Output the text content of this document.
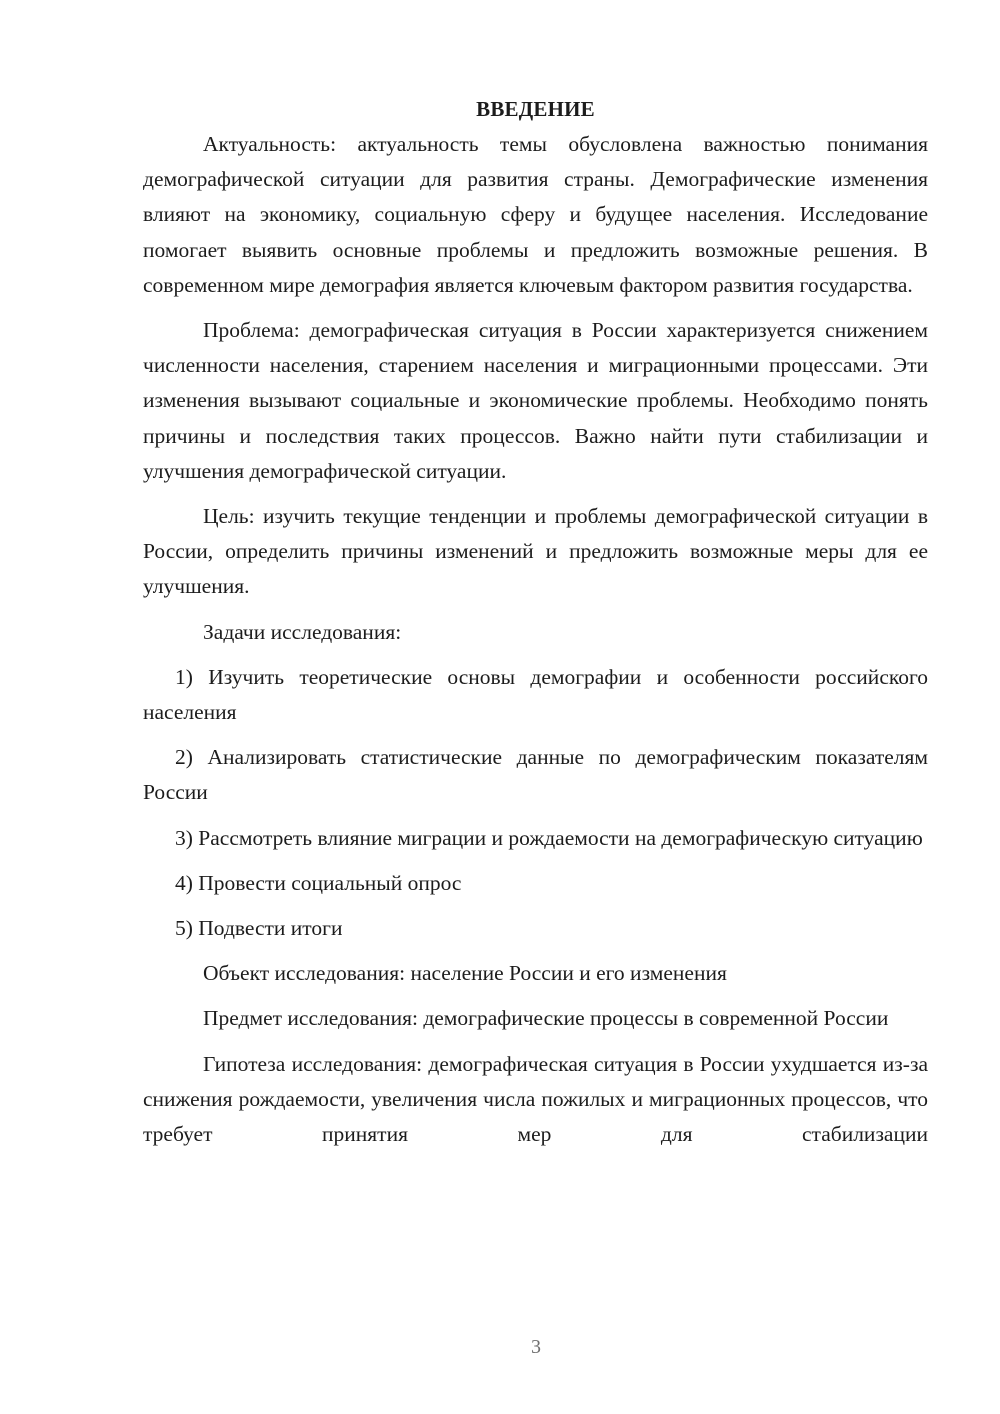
ВВЕДЕНИЕ

Актуальность: актуальность темы обусловлена важностью понимания демографической ситуации для развития страны. Демографические изменения влияют на экономику, социальную сферу и будущее населения. Исследование помогает выявить основные проблемы и предложить возможные решения. В современном мире демография является ключевым фактором развития государства.

Проблема: демографическая ситуация в России характеризуется снижением численности населения, старением населения и миграционными процессами. Эти изменения вызывают социальные и экономические проблемы. Необходимо понять причины и последствия таких процессов. Важно найти пути стабилизации и улучшения демографической ситуации.

Цель: изучить текущие тенденции и проблемы демографической ситуации в России, определить причины изменений и предложить возможные меры для ее улучшения.

Задачи исследования:

1) Изучить теоретические основы демографии и особенности российского населения

2) Анализировать статистические данные по демографическим показателям России

3) Рассмотреть влияние миграции и рождаемости на демографическую ситуацию

4) Провести социальный опрос

5) Подвести итоги

Объект исследования: население России и его изменения

Предмет исследования: демографические процессы в современной России

Гипотеза исследования: демографическая ситуация в России ухудшается из-за снижения рождаемости, увеличения числа пожилых и миграционных процессов, что требует принятия мер для стабилизации

3
